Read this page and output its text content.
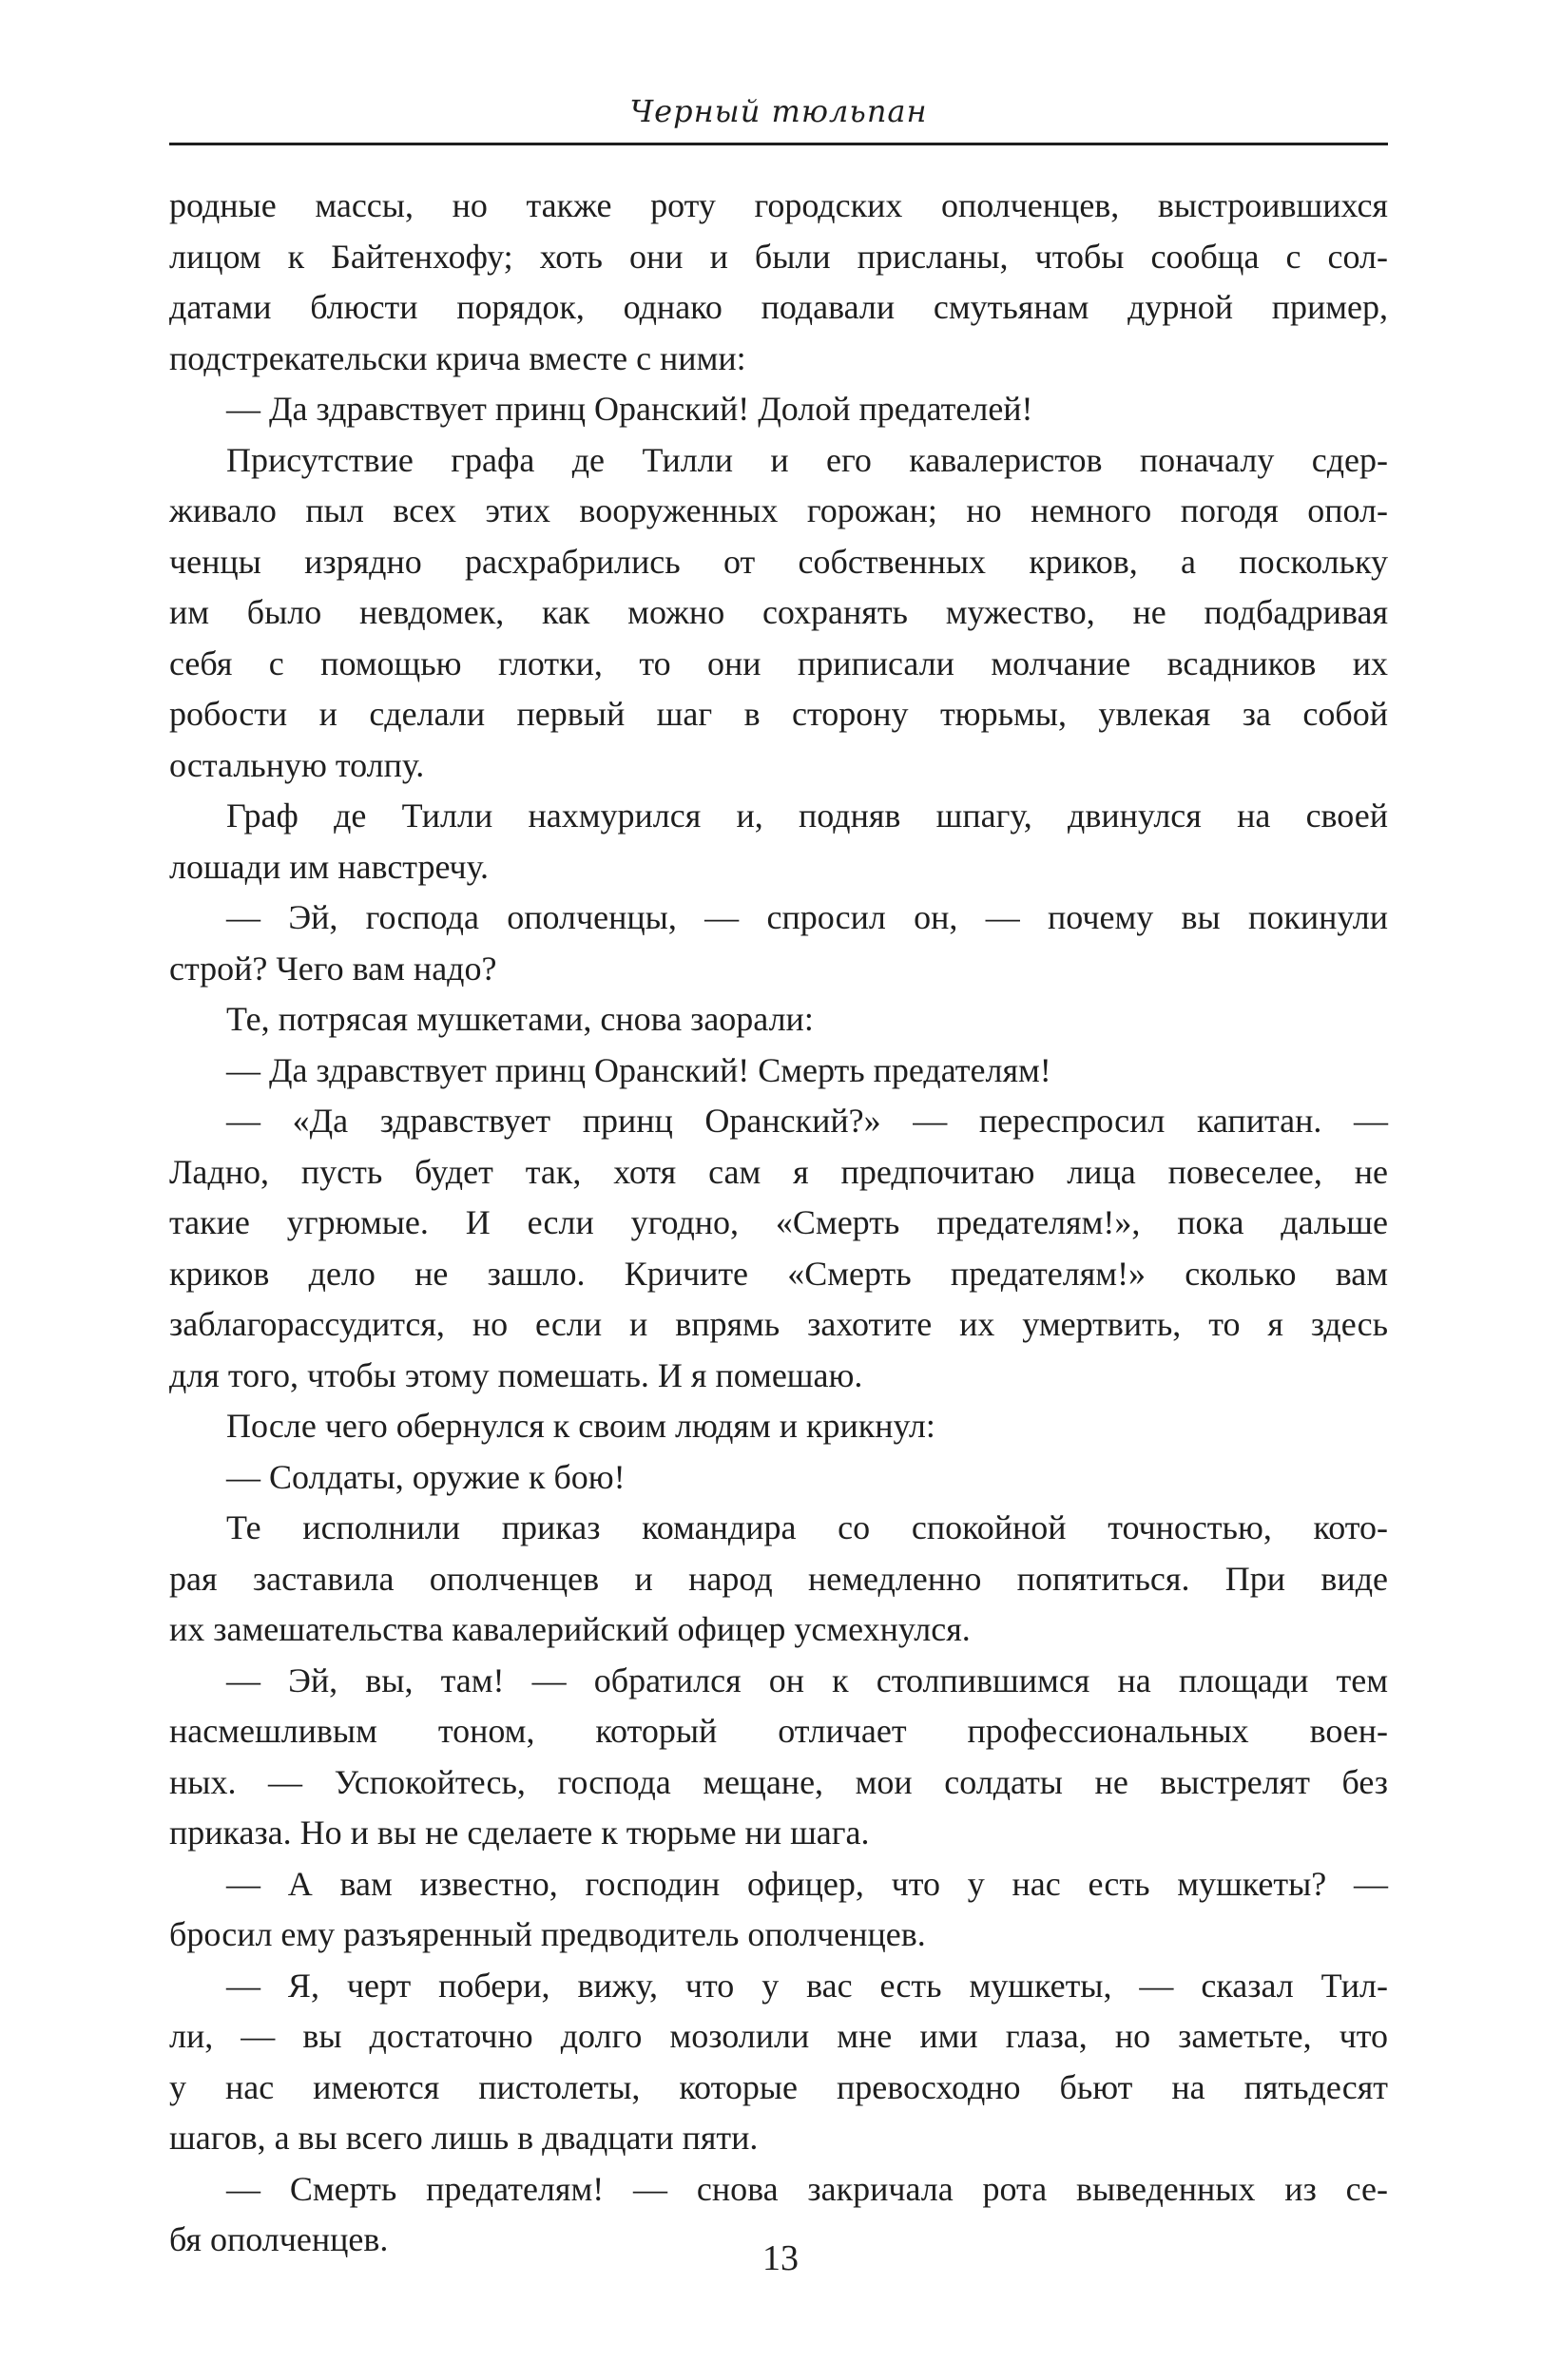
Черный тюльпан
родные массы, но также роту городских ополченцев, выстроившихся
лицом к Байтенхофу; хоть они и были присланы, чтобы сообща с сол-
датами блюсти порядок, однако подавали смутьянам дурной пример,
подстрекательски крича вместе с ними:
— Да здравствует принц Оранский! Долой предателей!
Присутствие графа де Тилли и его кавалеристов поначалу сдер-
живало пыл всех этих вооруженных горожан; но немного погодя опол-
ченцы изрядно расхрабрились от собственных криков, а поскольку
им было невдомек, как можно сохранять мужество, не подбадривая
себя с помощью глотки, то они приписали молчание всадников их
робости и сделали первый шаг в сторону тюрьмы, увлекая за собой
остальную толпу.
Граф де Тилли нахмурился и, подняв шпагу, двинулся на своей
лошади им навстречу.
— Эй, господа ополченцы, — спросил он, — почему вы покинули
строй? Чего вам надо?
Те, потрясая мушкетами, снова заорали:
— Да здравствует принц Оранский! Смерть предателям!
— «Да здравствует принц Оранский?» — переспросил капитан. —
Ладно, пусть будет так, хотя сам я предпочитаю лица повеселее, не
такие угрюмые. И если угодно, «Смерть предателям!», пока дальше
криков дело не зашло. Кричите «Смерть предателям!» сколько вам
заблагорассудится, но если и впрямь захотите их умертвить, то я здесь
для того, чтобы этому помешать. И я помешаю.
После чего обернулся к своим людям и крикнул:
— Солдаты, оружие к бою!
Те исполнили приказ командира со спокойной точностью, кото-
рая заставила ополченцев и народ немедленно попятиться. При виде
их замешательства кавалерийский офицер усмехнулся.
— Эй, вы, там! — обратился он к столпившимся на площади тем
насмешливым тоном, который отличает профессиональных воен-
ных. — Успокойтесь, господа мещане, мои солдаты не выстрелят без
приказа. Но и вы не сделаете к тюрьме ни шага.
— А вам известно, господин офицер, что у нас есть мушкеты? —
бросил ему разъяренный предводитель ополченцев.
— Я, черт побери, вижу, что у вас есть мушкеты, — сказал Тил-
ли, — вы достаточно долго мозолили мне ими глаза, но заметьте, что
у нас имеются пистолеты, которые превосходно бьют на пятьдесят
шагов, а вы всего лишь в двадцати пяти.
— Смерть предателям! — снова закричала рота выведенных из се-
бя ополченцев.	13
